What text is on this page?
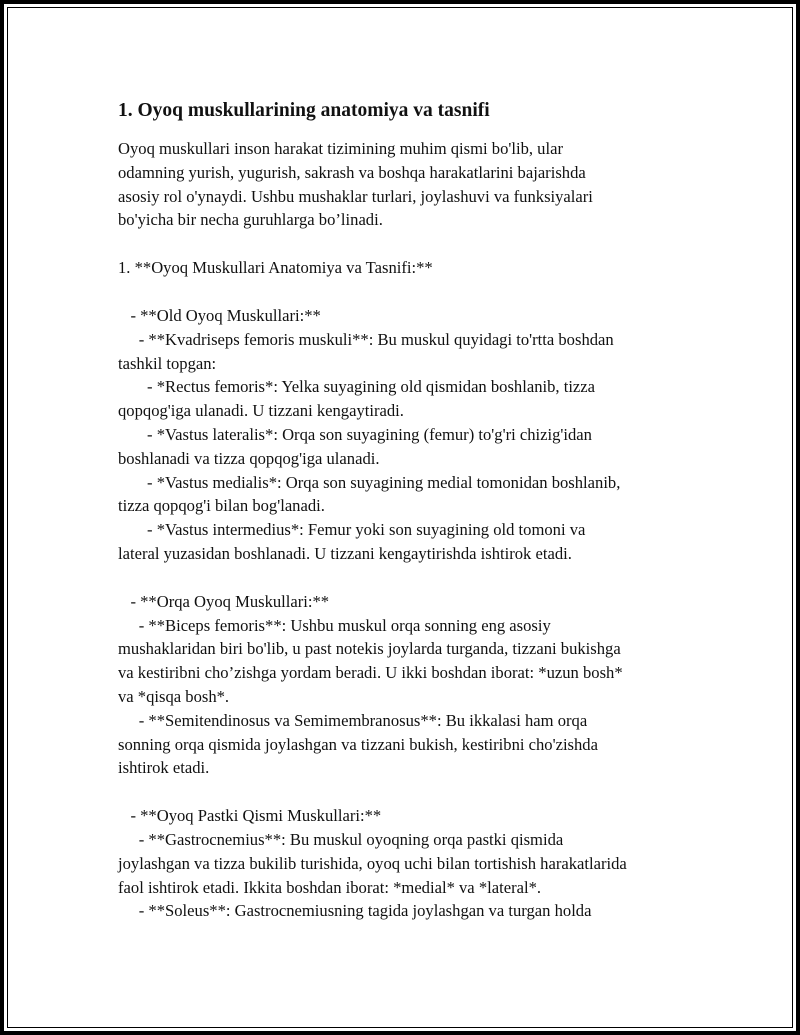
1. Oyoq muskullarining anatomiya va tasnifi

Oyoq muskullari inson harakat tizimining muhim qismi bo'lib, ular
odamning yurish, yugurish, sakrash va boshqa harakatlarini bajarishda
asosiy rol o'ynaydi. Ushbu mushaklar turlari, joylashuvi va funksiyalari
bo'yicha bir necha guruhlarga bo’linadi.

1. **Oyoq Muskullari Anatomiya va Tasnifi:**

- **Old Oyoq Muskullari:**
- **Kvadriseps femoris muskuli**: Bu muskul quyidagi to'rtta boshdan
tashkil topgan:
- *Rectus femoris*: Yelka suyagining old qismidan boshlanib, tizza
qopqog'iga ulanadi. U tizzani kengaytiradi.
- *Vastus lateralis*: Orqa son suyagining (femur) to'g'ri chizig'idan
boshlanadi va tizza qopqog'iga ulanadi.
- *Vastus medialis*: Orqa son suyagining medial tomonidan boshlanib,
tizza qopqog'i bilan bog'lanadi.
- *Vastus intermedius*: Femur yoki son suyagining old tomoni va
lateral yuzasidan boshlanadi. U tizzani kengaytirishda ishtirok etadi.

- **Orqa Oyoq Muskullari:**
- **Biceps femoris**: Ushbu muskul orqa sonning eng asosiy
mushaklaridan biri bo'lib, u past notekis joylarda turganda, tizzani bukishga
va kestiribni cho’zishga yordam beradi. U ikki boshdan iborat: *uzun bosh*
va *qisqa bosh*.
- **Semitendinosus va Semimembranosus**: Bu ikkalasi ham orqa
sonning orqa qismida joylashgan va tizzani bukish, kestiribni cho'zishda
ishtirok etadi.

- **Oyoq Pastki Qismi Muskullari:**
- **Gastrocnemius**: Bu muskul oyoqning orqa pastki qismida
joylashgan va tizza bukilib turishida, oyoq uchi bilan tortishish harakatlarida
faol ishtirok etadi. Ikkita boshdan iborat: *medial* va *lateral*.
- **Soleus**: Gastrocnemiusning tagida joylashgan va turgan holda
